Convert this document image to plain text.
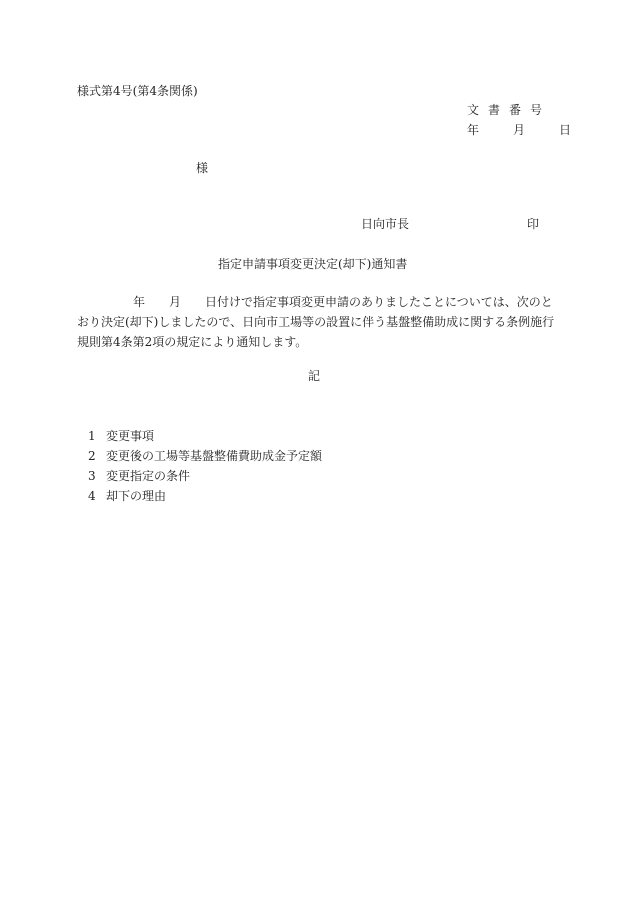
様式第4号(第4条関係)
文書番号
年	月	日
様
日向市長	印
指定申請事項変更決定(却下)通知書
年　　月　　日付けで指定事項変更申請のありましたことについては、次のと
おり決定(却下)しましたので、日向市工場等の設置に伴う基盤整備助成に関する条例施行
規則第4条第2項の規定により通知します。
記
1 変更事項
2 変更後の工場等基盤整備費助成金予定額
3 変更指定の条件
4 却下の理由
